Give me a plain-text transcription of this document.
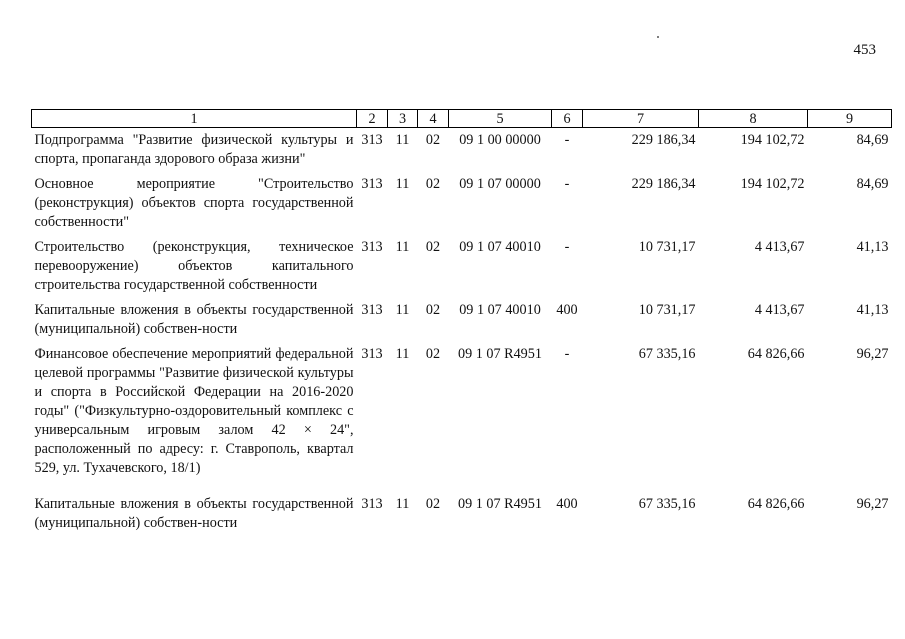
453
1	2	3	4	5	6	7	8	9
Подпрограмма "Развитие физической культуры и спорта, пропаганда здорового образа жизни"	313	11	02	09 1 00 00000	-	229 186,34	194 102,72	84,69
Основное мероприятие "Строительство (реконструкция) объектов спорта государственной собственности"	313	11	02	09 1 07 00000	-	229 186,34	194 102,72	84,69
Строительство (реконструкция, техническое перевооружение) объектов капитального строительства государственной собственности	313	11	02	09 1 07 40010	-	10 731,17	4 413,67	41,13
Капитальные вложения в объекты государственной (муниципальной) собствен-ности	313	11	02	09 1 07 40010	400	10 731,17	4 413,67	41,13
Финансовое обеспечение мероприятий федеральной целевой программы "Развитие физической культуры и спорта в Российской Федерации на 2016-2020 годы" ("Физкультурно-оздоровительный комплекс с универсальным игровым залом 42 × 24", расположенный по адресу: г. Ставрополь, квартал 529, ул. Тухачевского, 18/1)	313	11	02	09 1 07 R4951	-	67 335,16	64 826,66	96,27
Капитальные вложения в объекты государственной (муниципальной) собствен-ности	313	11	02	09 1 07 R4951	400	67 335,16	64 826,66	96,27
